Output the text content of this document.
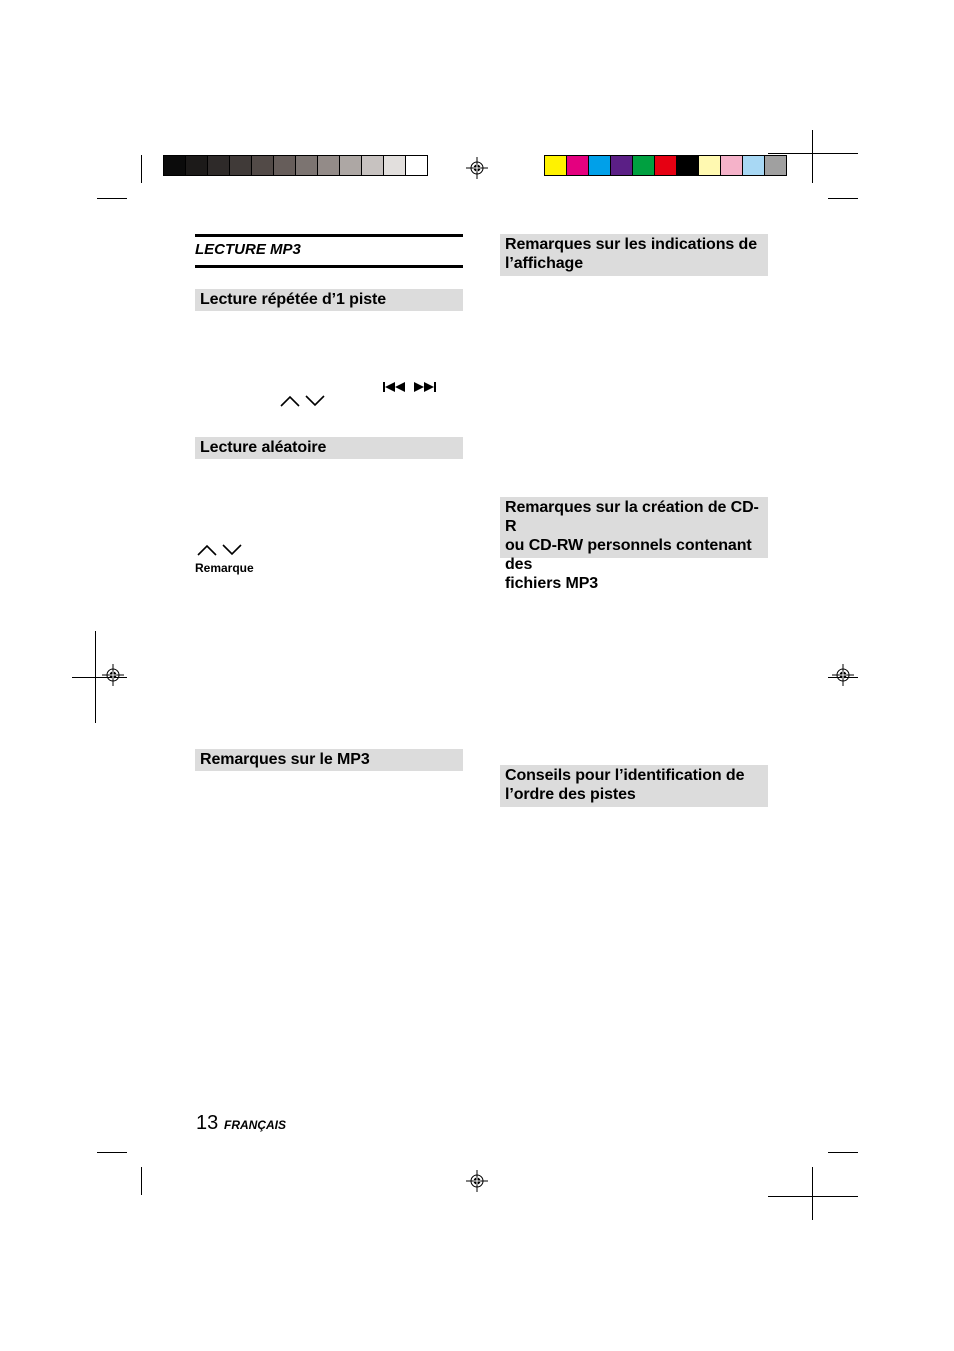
LECTURE MP3
Lecture répétée d’1 piste
Lecture aléatoire
Remarque
Remarques sur le MP3
Remarques sur les indications de
l’affichage
Remarques sur la création de CD-R
ou CD-RW personnels contenant des
fichiers MP3
Conseils pour l’identification de
l’ordre des pistes
13 FRANÇAIS
